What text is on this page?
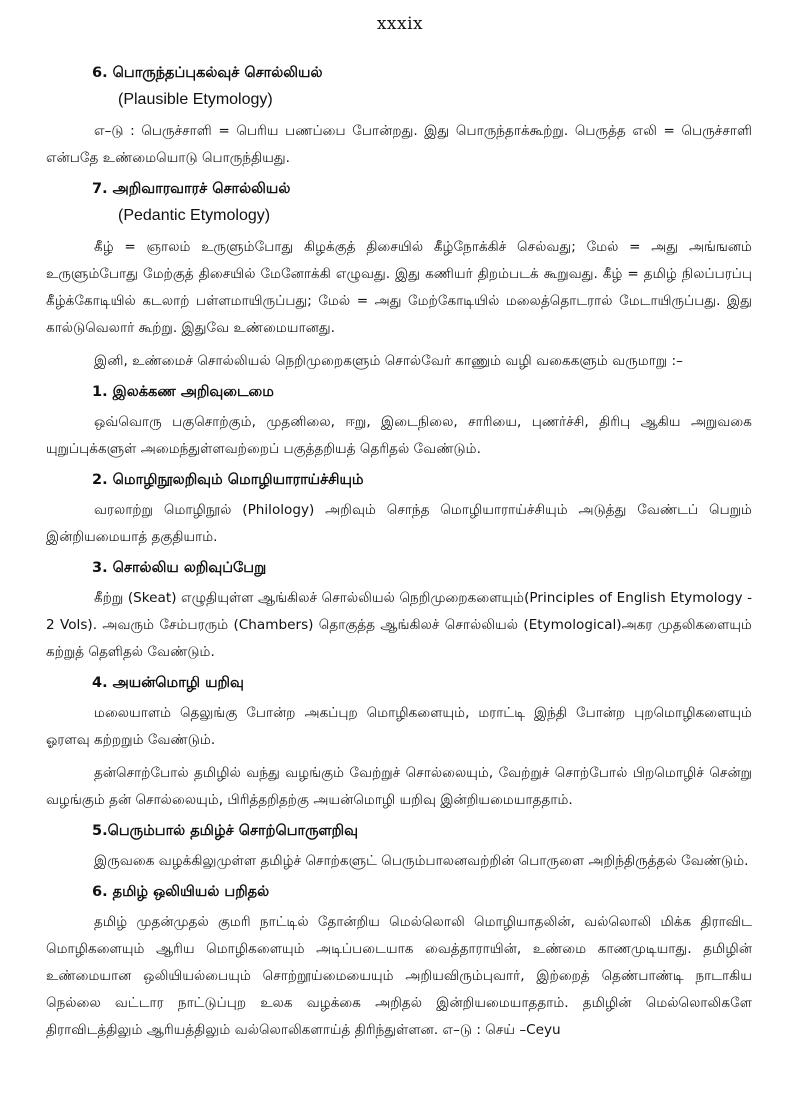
xxxix

6. பொருந்தப்புகல்வுச் சொல்லியல்

(Plausible Etymology)

எ–டு : பெருச்சாளி = பெரிய பணப்பை போன்றது. இது பொருந்தாக்கூற்று. பெருத்த எலி = பெருச்சாளி என்பதே உண்மையொடு பொருந்தியது.

7. அறிவாரவாரச் சொல்லியல்

(Pedantic Etymology)

கீழ் = ஞாலம் உருளும்போது கிழக்குத் திசையில் கீழ்நோக்கிச் செல்வது; மேல் = அது அங்ஙனம் உருளும்போது மேற்குத் திசையில் மேனோக்கி எழுவது. இது கணியர் திறம்படக் கூறுவது. கீழ் = தமிழ் நிலப்பரப்பு கீழ்க்கோடியில் கடலாற் பள்ளமாயிருப்பது; மேல் = அது மேற்கோடியில் மலைத்தொடரால் மேடாயிருப்பது. இது கால்டுவெலார் கூற்று. இதுவே உண்மையானது.

இனி, உண்மைச் சொல்லியல் நெறிமுறைகளும் சொல்வேர் காணும் வழி வகைகளும் வருமாறு :–

1. இலக்கண அறிவுடைமை

ஒவ்வொரு பகுசொற்கும், முதனிலை, ஈறு, இடைநிலை, சாரியை, புணர்ச்சி, திரிபு ஆகிய அறுவகை யுறுப்புக்களுள் அமைந்துள்ளவற்றைப் பகுத்தறியத் தெரிதல் வேண்டும்.

2. மொழிநூலறிவும் மொழியாராய்ச்சியும்

வரலாற்று மொழிநூல் (Philology) அறிவும் சொந்த மொழியாராய்ச்சியும் அடுத்து வேண்டப் பெறும் இன்றியமையாத் தகுதியாம்.

3. சொல்லிய லறிவுப்பேறு

கீற்று (Skeat) எழுதியுள்ள ஆங்கிலச் சொல்லியல் நெறிமுறைகளையும்(Principles of English Etymology - 2 Vols). அவரும் சேம்பரரும் (Chambers) தொகுத்த ஆங்கிலச் சொல்லியல் (Etymological)அகர முதலிகளையும் கற்றுத் தெளிதல் வேண்டும்.

4. அயன்மொழி யறிவு

மலையாளம் தெலுங்கு போன்ற அகப்புற மொழிகளையும், மராட்டி இந்தி போன்ற புறமொழிகளையும் ஓரளவு கற்றறும் வேண்டும்.

தன்சொற்போல் தமிழில் வந்து வழங்கும் வேற்றுச் சொல்லையும், வேற்றுச் சொற்போல் பிறமொழிச் சென்று வழங்கும் தன் சொல்லையும், பிரித்தறிதற்கு அயன்மொழி யறிவு இன்றியமையாததாம்.

5.பெரும்பால் தமிழ்ச் சொற்பொருளறிவு

இருவகை வழக்கிலுமுள்ள தமிழ்ச் சொற்களுட் பெரும்பாலனவற்றின் பொருளை அறிந்திருத்தல் வேண்டும்.

6. தமிழ் ஒலியியல் பறிதல்

தமிழ் முதன்முதல் குமரி நாட்டில் தோன்றிய மெல்லொலி மொழியாதலின், வல்லொலி மிக்க திராவிட மொழிகளையும் ஆரிய மொழிகளையும் அடிப்படையாக வைத்தாராயின், உண்மை காணமுடியாது. தமிழின் உண்மையான ஒலியியல்பையும் சொற்றூய்மையையும் அறியவிரும்புவார், இற்றைத் தெண்பாண்டி நாடாகிய நெல்லை வட்டார நாட்டுப்புற உலக வழக்கை அறிதல் இன்றியமையாததாம். தமிழின் மெல்லொலிகளே திராவிடத்திலும் ஆரியத்திலும் வல்லொலிகளாய்த் திரிந்துள்ளன. எ–டு : செய் –Ceyu
